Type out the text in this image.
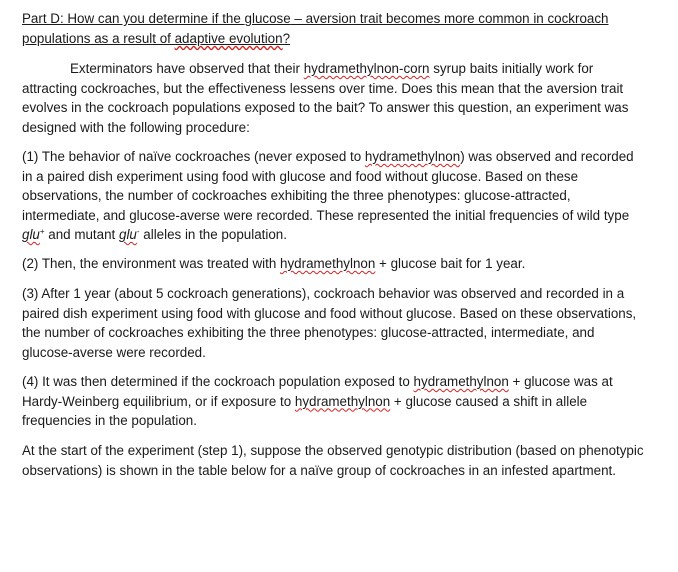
Part D: How can you determine if the glucose – aversion trait becomes more common in cockroach populations as a result of adaptive evolution?
Exterminators have observed that their hydramethylnon-corn syrup baits initially work for attracting cockroaches, but the effectiveness lessens over time. Does this mean that the aversion trait evolves in the cockroach populations exposed to the bait? To answer this question, an experiment was designed with the following procedure:
(1) The behavior of naïve cockroaches (never exposed to hydramethylnon) was observed and recorded in a paired dish experiment using food with glucose and food without glucose. Based on these observations, the number of cockroaches exhibiting the three phenotypes: glucose-attracted, intermediate, and glucose-averse were recorded. These represented the initial frequencies of wild type glu+ and mutant glu- alleles in the population.
(2) Then, the environment was treated with hydramethylnon + glucose bait for 1 year.
(3) After 1 year (about 5 cockroach generations), cockroach behavior was observed and recorded in a paired dish experiment using food with glucose and food without glucose. Based on these observations, the number of cockroaches exhibiting the three phenotypes: glucose-attracted, intermediate, and glucose-averse were recorded.
(4) It was then determined if the cockroach population exposed to hydramethylnon + glucose was at Hardy-Weinberg equilibrium, or if exposure to hydramethylnon + glucose caused a shift in allele frequencies in the population.
At the start of the experiment (step 1), suppose the observed genotypic distribution (based on phenotypic observations) is shown in the table below for a naïve group of cockroaches in an infested apartment.
